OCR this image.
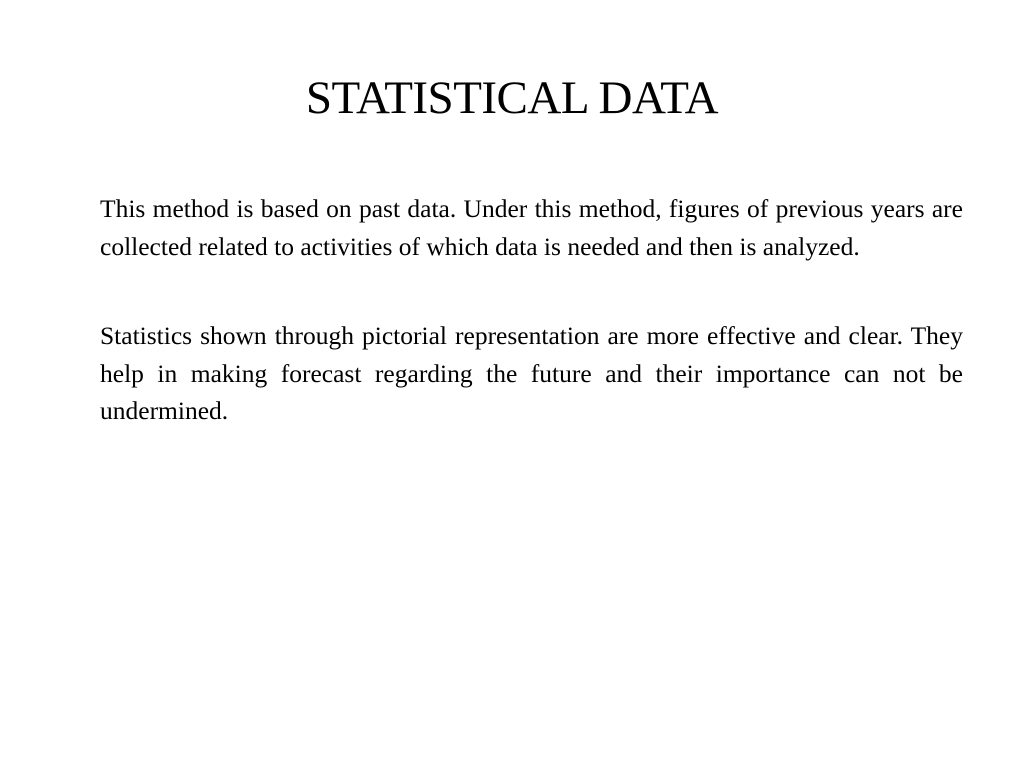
STATISTICAL DATA

This method is based on past data. Under this method, figures of previous years are collected related to activities of which data is needed and then is analyzed.

Statistics shown through pictorial representation are more effective and clear. They help in making forecast regarding the future and their importance can not be undermined.
